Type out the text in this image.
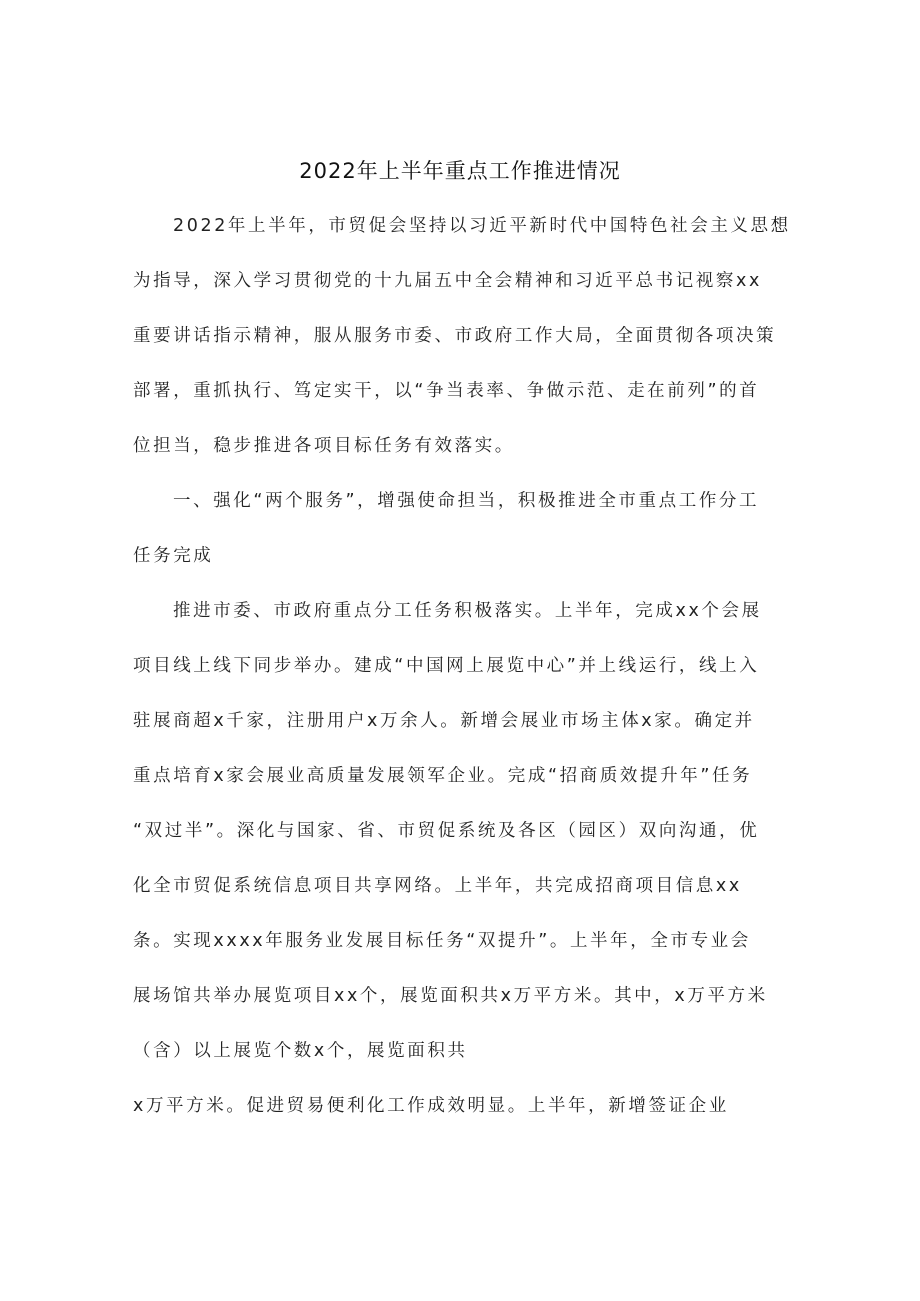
2022年上半年重点工作推进情况
2022年上半年，市贸促会坚持以习近平新时代中国特色社会主义思想
为指导，深入学习贯彻党的十九届五中全会精神和习近平总书记视察xx
重要讲话指示精神，服从服务市委、市政府工作大局，全面贯彻各项决策
部署，重抓执行、笃定实干，以“争当表率、争做示范、走在前列”的首
位担当，稳步推进各项目标任务有效落实。
一、强化“两个服务”，增强使命担当，积极推进全市重点工作分工
任务完成
推进市委、市政府重点分工任务积极落实。上半年，完成xx个会展
项目线上线下同步举办。建成“中国网上展览中心”并上线运行，线上入
驻展商超x千家，注册用户x万余人。新增会展业市场主体x家。确定并
重点培育x家会展业高质量发展领军企业。完成“招商质效提升年”任务
“双过半”。深化与国家、省、市贸促系统及各区（园区）双向沟通，优
化全市贸促系统信息项目共享网络。上半年，共完成招商项目信息xx
条。实现xxxx年服务业发展目标任务“双提升”。上半年，全市专业会
展场馆共举办展览项目xx个，展览面积共x万平方米。其中，x万平方米
（含）以上展览个数x个，展览面积共
x万平方米。促进贸易便利化工作成效明显。上半年，新增签证企业
